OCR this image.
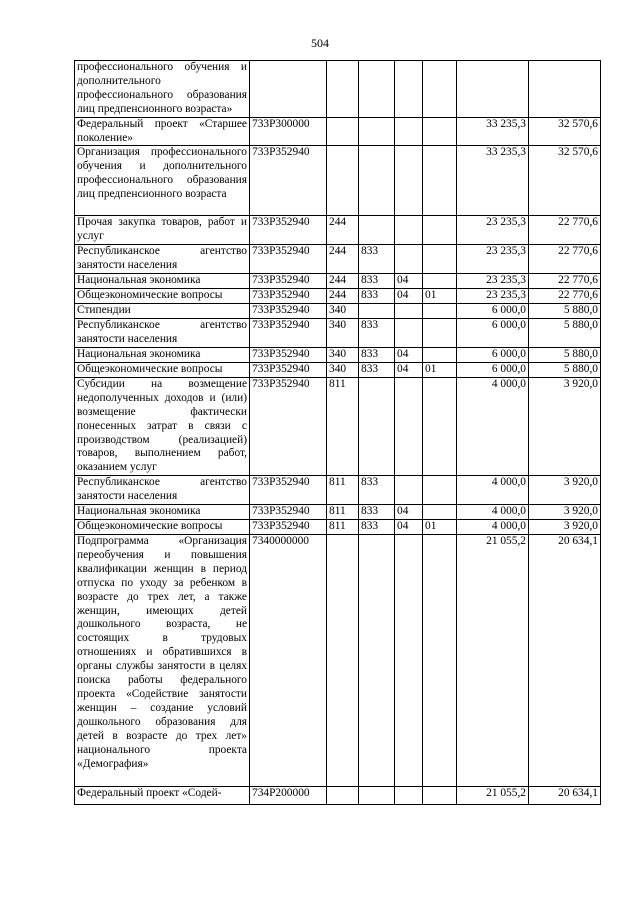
504
профессионального обучения и дополнительного профессионального образования лиц предпенсионного возраста»							
Федеральный проект «Старшее поколение»	733P300000					33 235,3	32 570,6
Организация профессионального обучения и дополнительного профессионального образования лиц предпенсионного возраста	733P352940					33 235,3	32 570,6
Прочая закупка товаров, работ и услуг	733P352940	244				23 235,3	22 770,6
Республиканское агентство занятости населения	733P352940	244	833			23 235,3	22 770,6
Национальная экономика	733P352940	244	833	04		23 235,3	22 770,6
Общеэкономические вопросы	733P352940	244	833	04	01	23 235,3	22 770,6
Стипендии	733P352940	340				6 000,0	5 880,0
Республиканское агентство занятости населения	733P352940	340	833			6 000,0	5 880,0
Национальная экономика	733P352940	340	833	04		6 000,0	5 880,0
Общеэкономические вопросы	733P352940	340	833	04	01	6 000,0	5 880,0
Субсидии на возмещение недополученных доходов и (или) возмещение фактически понесенных затрат в связи с производством (реализацией) товаров, выполнением работ, оказанием услуг	733P352940	811				4 000,0	3 920,0
Республиканское агентство занятости населения	733P352940	811	833			4 000,0	3 920,0
Национальная экономика	733P352940	811	833	04		4 000,0	3 920,0
Общеэкономические вопросы	733P352940	811	833	04	01	4 000,0	3 920,0
Подпрограмма «Организация переобучения и повышения квалификации женщин в период отпуска по уходу за ребенком в возрасте до трех лет, а также женщин, имеющих детей дошкольного возраста, не состоящих в трудовых отношениях и обратившихся в органы службы занятости в целях поиска работы федерального проекта «Содействие занятости женщин – создание условий дошкольного образования для детей в возрасте до трех лет» национального проекта «Демография»	7340000000					21 055,2	20 634,1
Федеральный проект «Содей-	734P200000					21 055,2	20 634,1
